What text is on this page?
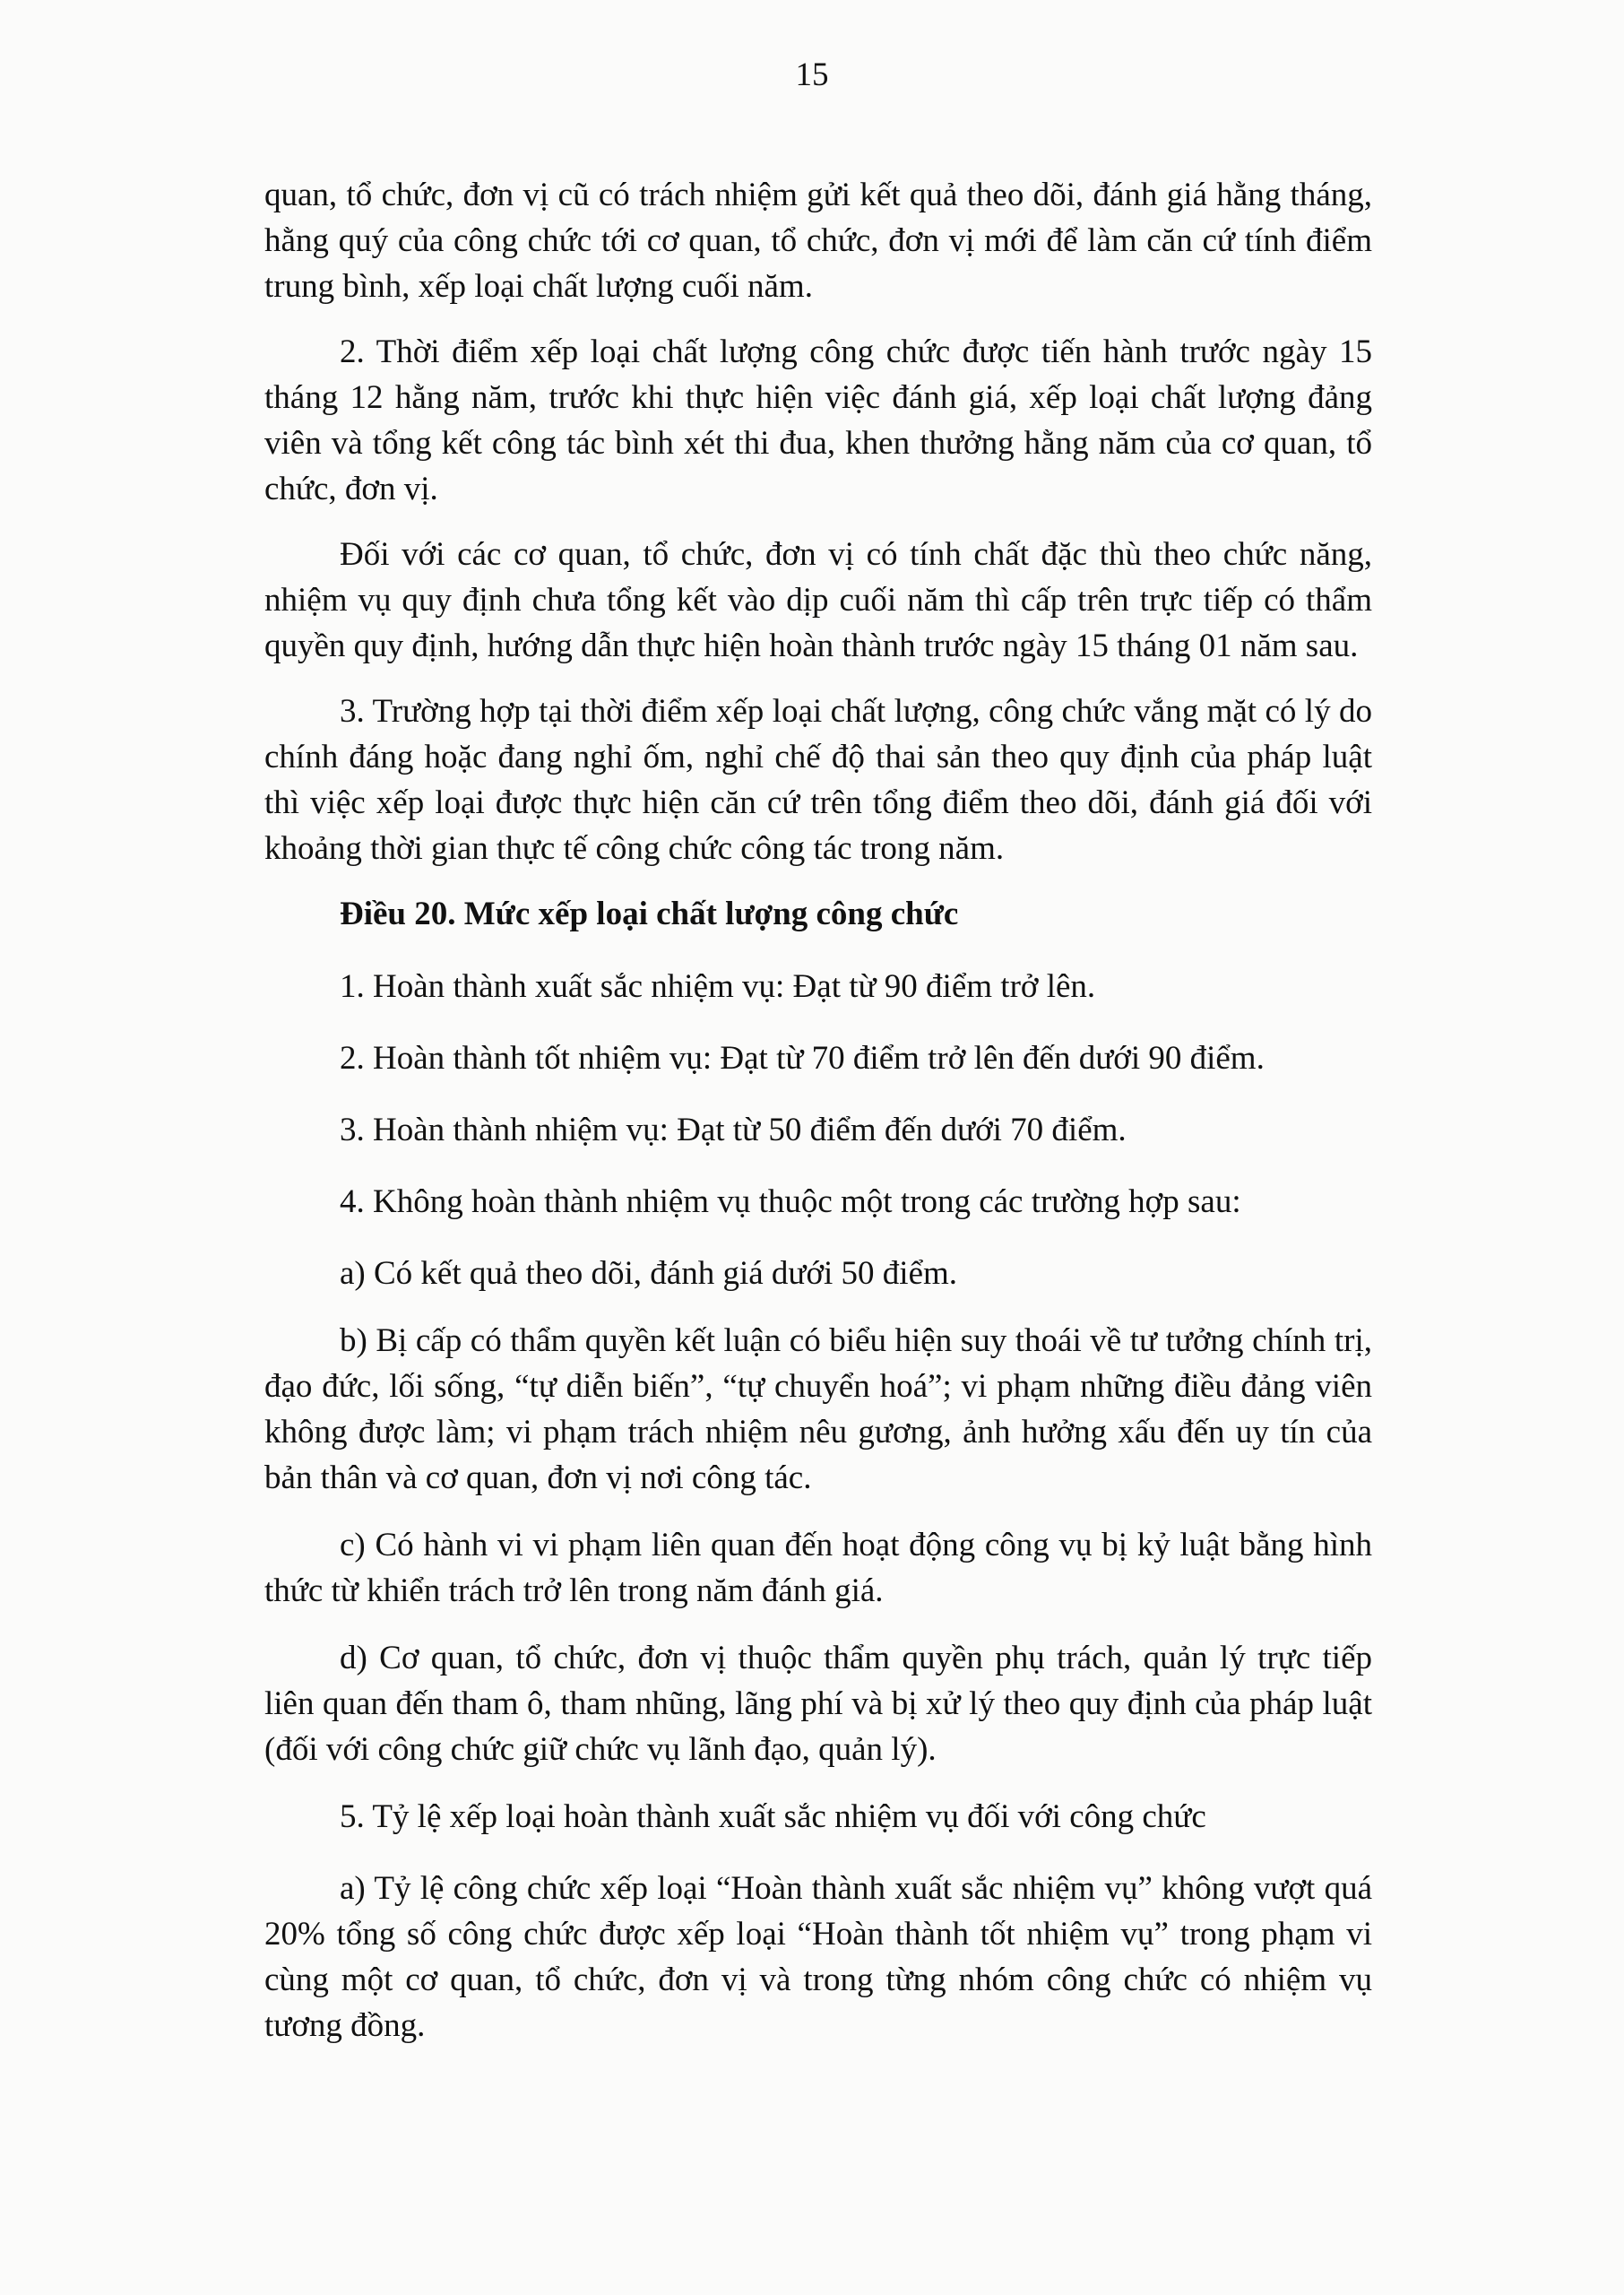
15

quan, tổ chức, đơn vị cũ có trách nhiệm gửi kết quả theo dõi, đánh giá hằng tháng, hằng quý của công chức tới cơ quan, tổ chức, đơn vị mới để làm căn cứ tính điểm trung bình, xếp loại chất lượng cuối năm.

2. Thời điểm xếp loại chất lượng công chức được tiến hành trước ngày 15 tháng 12 hằng năm, trước khi thực hiện việc đánh giá, xếp loại chất lượng đảng viên và tổng kết công tác bình xét thi đua, khen thưởng hằng năm của cơ quan, tổ chức, đơn vị.

Đối với các cơ quan, tổ chức, đơn vị có tính chất đặc thù theo chức năng, nhiệm vụ quy định chưa tổng kết vào dịp cuối năm thì cấp trên trực tiếp có thẩm quyền quy định, hướng dẫn thực hiện hoàn thành trước ngày 15 tháng 01 năm sau.

3. Trường hợp tại thời điểm xếp loại chất lượng, công chức vắng mặt có lý do chính đáng hoặc đang nghỉ ốm, nghỉ chế độ thai sản theo quy định của pháp luật thì việc xếp loại được thực hiện căn cứ trên tổng điểm theo dõi, đánh giá đối với khoảng thời gian thực tế công chức công tác trong năm.

Điều 20. Mức xếp loại chất lượng công chức

1. Hoàn thành xuất sắc nhiệm vụ: Đạt từ 90 điểm trở lên.

2. Hoàn thành tốt nhiệm vụ: Đạt từ 70 điểm trở lên đến dưới 90 điểm.

3. Hoàn thành nhiệm vụ: Đạt từ 50 điểm đến dưới 70 điểm.

4. Không hoàn thành nhiệm vụ thuộc một trong các trường hợp sau:

a) Có kết quả theo dõi, đánh giá dưới 50 điểm.

b) Bị cấp có thẩm quyền kết luận có biểu hiện suy thoái về tư tưởng chính trị, đạo đức, lối sống, “tự diễn biến”, “tự chuyển hoá”; vi phạm những điều đảng viên không được làm; vi phạm trách nhiệm nêu gương, ảnh hưởng xấu đến uy tín của bản thân và cơ quan, đơn vị nơi công tác.

c) Có hành vi vi phạm liên quan đến hoạt động công vụ bị kỷ luật bằng hình thức từ khiển trách trở lên trong năm đánh giá.

d) Cơ quan, tổ chức, đơn vị thuộc thẩm quyền phụ trách, quản lý trực tiếp liên quan đến tham ô, tham nhũng, lãng phí và bị xử lý theo quy định của pháp luật (đối với công chức giữ chức vụ lãnh đạo, quản lý).

5. Tỷ lệ xếp loại hoàn thành xuất sắc nhiệm vụ đối với công chức

a) Tỷ lệ công chức xếp loại “Hoàn thành xuất sắc nhiệm vụ” không vượt quá 20% tổng số công chức được xếp loại “Hoàn thành tốt nhiệm vụ” trong phạm vi cùng một cơ quan, tổ chức, đơn vị và trong từng nhóm công chức có nhiệm vụ tương đồng.
